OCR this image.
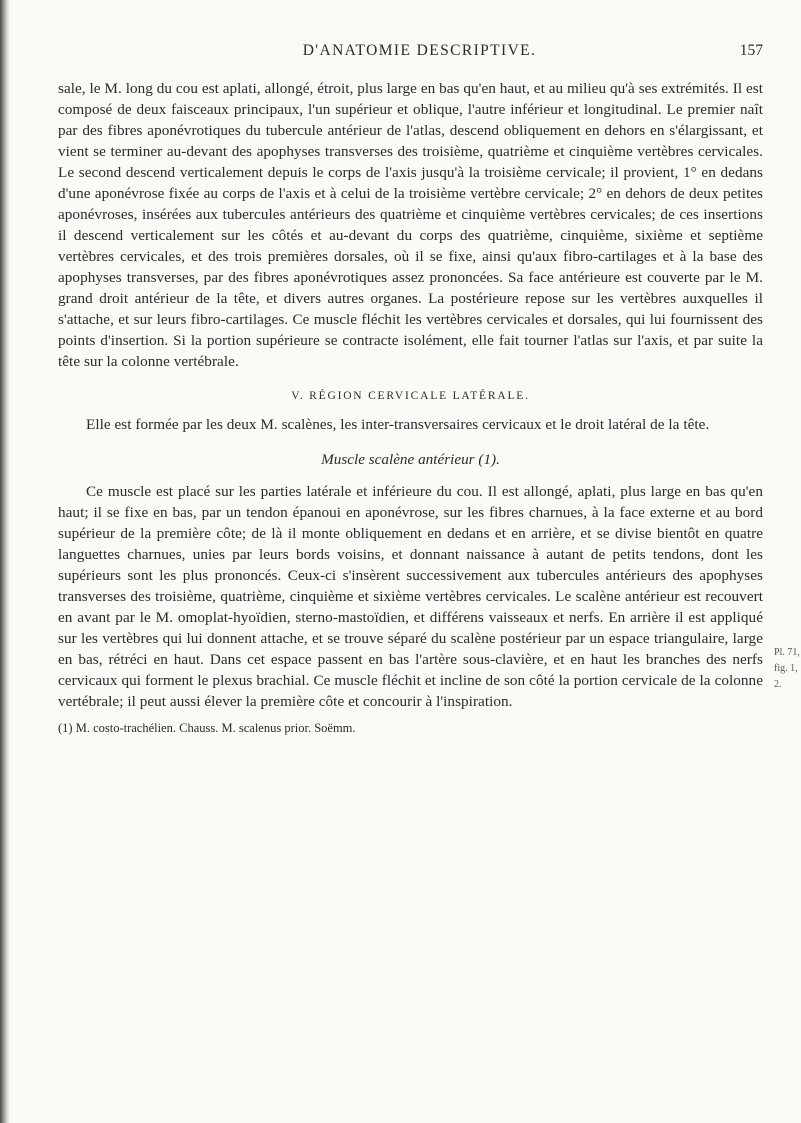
D'ANATOMIE DESCRIPTIVE.	157

sale, le M. long du cou est aplati, allongé, étroit, plus large en bas qu'en haut, et au milieu qu'à ses extrémités. Il est composé de deux faisceaux principaux, l'un supérieur et oblique, l'autre inférieur et longitudinal. Le premier naît par des fibres aponévrotiques du tubercule antérieur de l'atlas, descend obliquement en dehors en s'élargissant, et vient se terminer au-devant des apophyses transverses des troisième, quatrième et cinquième vertèbres cervicales. Le second descend verticalement depuis le corps de l'axis jusqu'à la troisième cervicale; il provient, 1° en dedans d'une aponévrose fixée au corps de l'axis et à celui de la troisième vertèbre cervicale; 2° en dehors de deux petites aponévroses, insérées aux tubercules antérieurs des quatrième et cinquième vertèbres cervicales; de ces insertions il descend verticalement sur les côtés et au-devant du corps des quatrième, cinquième, sixième et septième vertèbres cervicales, et des trois premières dorsales, où il se fixe, ainsi qu'aux fibro-cartilages et à la base des apophyses transverses, par des fibres aponévrotiques assez prononcées. Sa face antérieure est couverte par le M. grand droit antérieur de la tête, et divers autres organes. La postérieure repose sur les vertèbres auxquelles il s'attache, et sur leurs fibro-cartilages. Ce muscle fléchit les vertèbres cervicales et dorsales, qui lui fournissent des points d'insertion. Si la portion supérieure se contracte isolément, elle fait tourner l'atlas sur l'axis, et par suite la tête sur la colonne vertébrale.

V. RÉGION CERVICALE LATÉRALE.

Elle est formée par les deux M. scalènes, les inter-transversaires cervicaux et le droit latéral de la tête.

Muscle scalène antérieur (1).

Ce muscle est placé sur les parties latérale et inférieure du cou. Il est allongé, aplati, plus large en bas qu'en haut; il se fixe en bas, par un tendon épanoui en aponévrose, sur les fibres charnues, à la face externe et au bord supérieur de la première côte; de là il monte obliquement en dedans et en arrière, et se divise bientôt en quatre languettes charnues, unies par leurs bords voisins, et donnant naissance à autant de petits tendons, dont les supérieurs sont les plus prononcés. Ceux-ci s'insèrent successivement aux tubercules antérieurs des apophyses transverses des troisième, quatrième, cinquième et sixième vertèbres cervicales. Le scalène antérieur est recouvert en avant par le M. omoplat-hyoïdien, sterno-mastoïdien, et différens vaisseaux et nerfs. En arrière il est appliqué sur les vertèbres qui lui donnent attache, et se trouve séparé du scalène postérieur par un espace triangulaire, large en bas, rétréci en haut. Dans cet espace passent en bas l'artère sous-clavière, et en haut les branches des nerfs cervicaux qui forment le plexus brachial. Ce muscle fléchit et incline de son côté la portion cervicale de la colonne vertébrale; il peut aussi élever la première côte et concourir à l'inspiration.

(1) M. costo-trachélien. Chauss. M. scalenus prior. Soëmm.

Pl. 71, fig. 1,
2.
